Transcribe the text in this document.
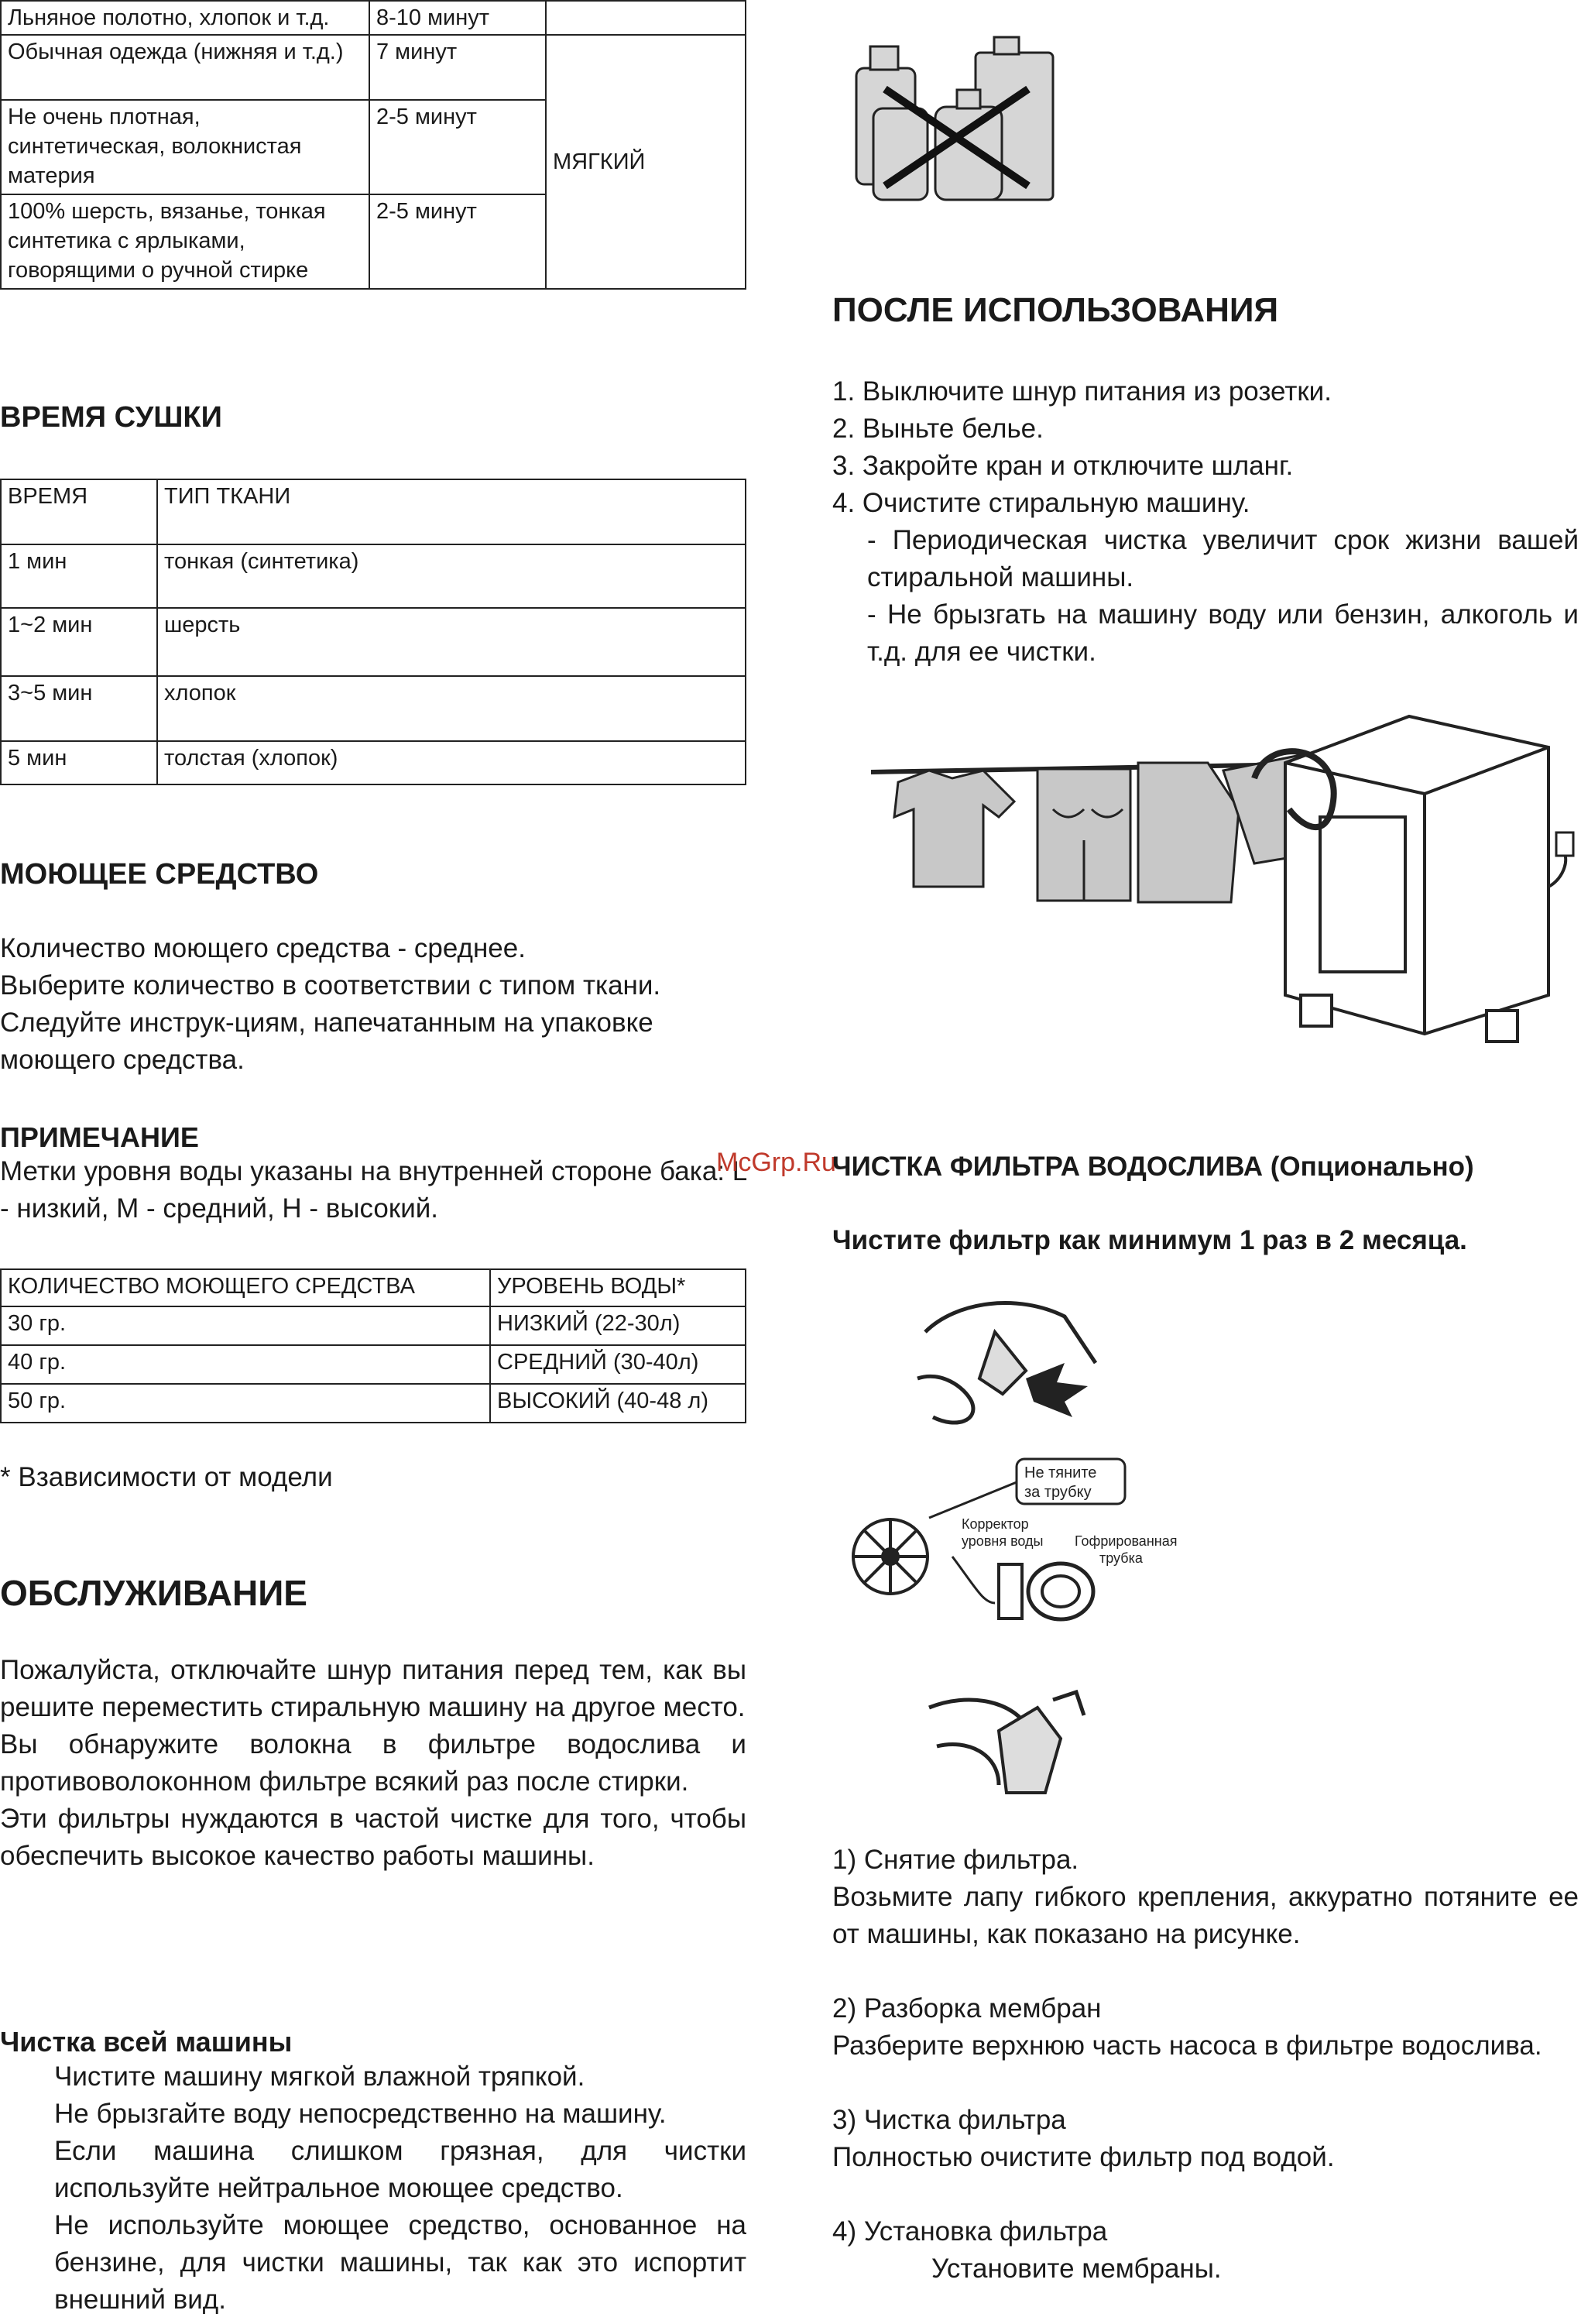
Льняное полотно, хлопок и т.д.	8-10 минут	
Обычная одежда (нижняя и т.д.)	7 минут	МЯГКИЙ
Не очень плотная, синтетическая, волокнистая материя	2-5 минут	
100% шерсть, вязанье, тонкая синтетика с ярлыками, говорящими о ручной стирке	2-5 минут	
ВРЕМЯ СУШКИ
ВРЕМЯ	ТИП ТКАНИ
1 мин	тонкая (синтетика)
1~2 мин	шерсть
3~5 мин	хлопок
5 мин	толстая (хлопок)
МОЮЩЕЕ СРЕДСТВО
Количество моющего средства - среднее.
Выберите количество в соответствии с типом ткани.
Следуйте инструк-циям, напечатанным на упаковке моющего средства.
ПРИМЕЧАНИЕ
Метки уровня воды указаны на внутренней стороне бака: L - низкий, М - средний, Н - высокий.
КОЛИЧЕСТВО МОЮЩЕГО СРЕДСТВА	УРОВЕНЬ ВОДЫ*
30 гр.	НИЗКИЙ (22-30л)
40 гр.	СРЕДНИЙ (30-40л)
50 гр.	ВЫСОКИЙ (40-48 л)
* Взависимости от модели
ОБСЛУЖИВАНИЕ
Пожалуйста, отключайте шнур питания перед тем, как вы решите переместить стиральную машину на другое место.
Вы обнаружите волокна в фильтре водослива и противоволоконном фильтре всякий раз после стирки.
Эти фильтры нуждаются в частой чистке для того, чтобы обеспечить высокое качество работы машины.
Чистка всей машины
Чистите машину мягкой влажной тряпкой.
Не брызгайте воду непосредственно на машину.
Если машина слишком грязная, для чистки используйте нейтральное моющее средство.
Не используйте моющее средство, основанное на бензине, для чистки машины, так как это испортит внешний вид.
ПОСЛЕ ИСПОЛЬЗОВАНИЯ
1. Выключите шнур питания из розетки.
2. Выньте белье.
3. Закройте кран и отключите шланг.
4. Очистите стиральную машину.
- Периодическая чистка увеличит срок жизни вашей стиральной машины.
- Не брызгать на машину воду или бензин, алкоголь и т.д. для ее чистки.
McGrp.Ru
ЧИСТКА ФИЛЬТРА ВОДОСЛИВА (Опционально)
Чистите фильтр как минимум 1 раз в 2 месяца.
Не тяните
за трубку
Корректор
уровня воды Гофрированная
трубка
1) Снятие фильтра.
Возьмите лапу гибкого крепления, аккуратно потяните ее от машины, как показано на рисунке.
2) Разборка мембран
Разберите верхнюю часть насоса в фильтре водослива.
3) Чистка фильтра
Полностью очистите фильтр под водой.
4) Установка фильтра
Установите мембраны.
